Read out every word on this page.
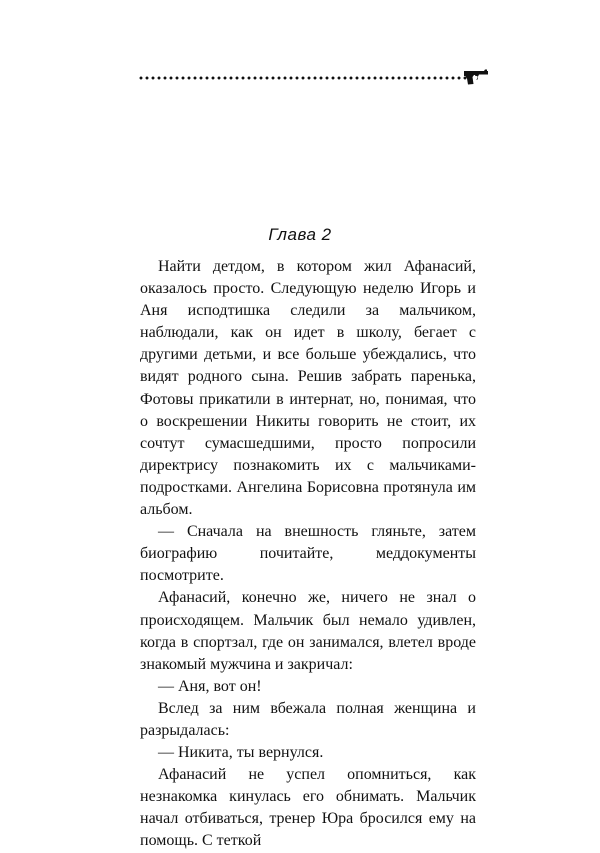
Глава 2

Найти детдом, в котором жил Афанасий, оказалось просто. Следующую неделю Игорь и Аня исподтишка следили за мальчиком, наблюдали, как он идет в школу, бегает с другими детьми, и все больше убеждались, что видят родного сына. Решив забрать паренька, Фотовы прикатили в интернат, но, понимая, что о воскрешении Никиты говорить не стоит, их сочтут сумасшедшими, просто попросили директрису познакомить их с мальчиками-подростками. Ангелина Борисовна протянула им альбом.

— Сначала на внешность гляньте, затем биографию почитайте, меддокументы посмотрите.

Афанасий, конечно же, ничего не знал о происходящем. Мальчик был немало удивлен, когда в спортзал, где он занимался, влетел вроде знакомый мужчина и закричал:

— Аня, вот он!

Вслед за ним вбежала полная женщина и разрыдалась:

— Никита, ты вернулся.

Афанасий не успел опомниться, как незнакомка кинулась его обнимать. Мальчик начал отбиваться, тренер Юра бросился ему на помощь. С теткой
